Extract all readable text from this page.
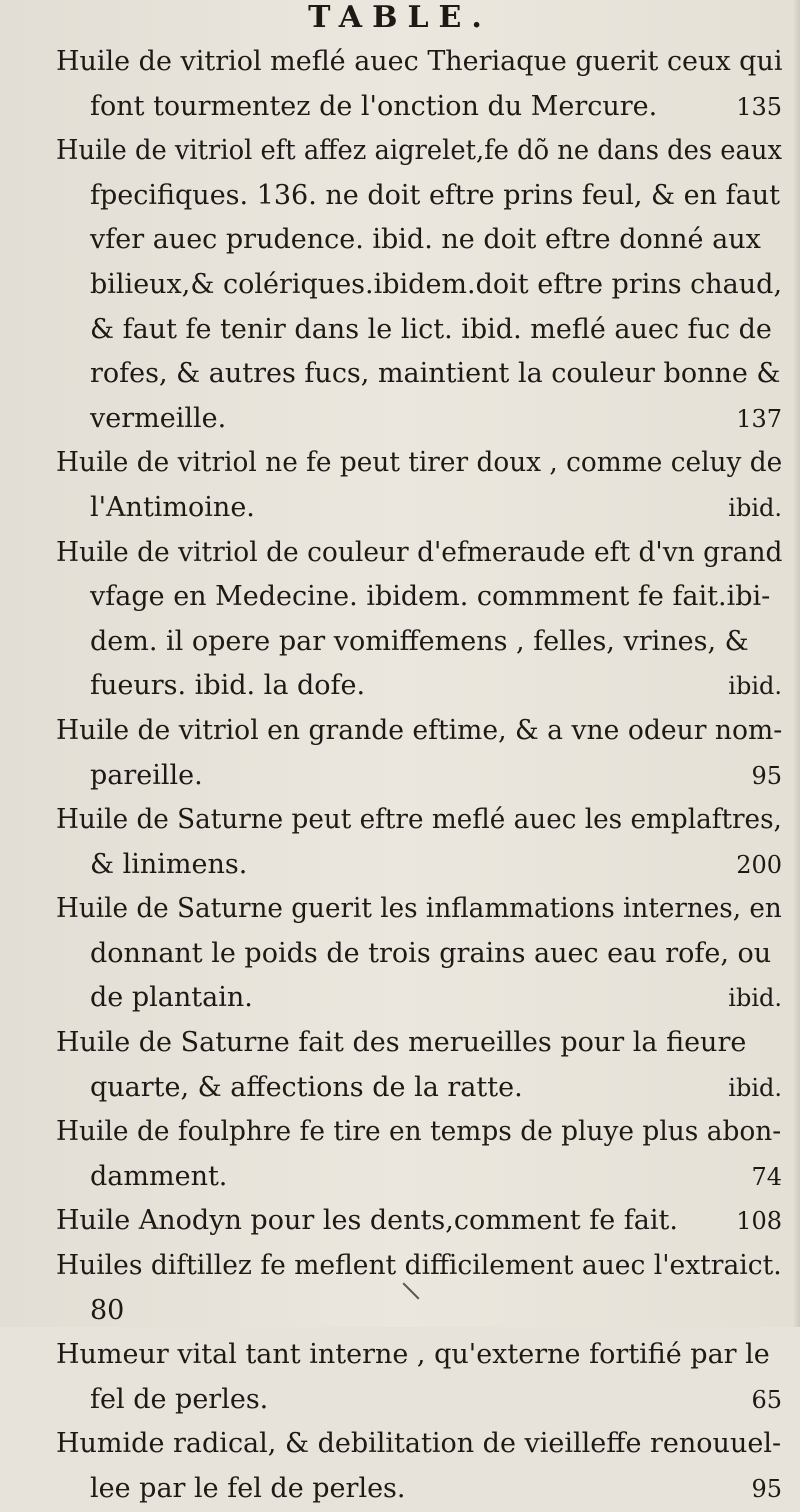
TABLE.
Huile de vitriol meflé auec Theriaque guerit ceux qui
font tourmentez de l'onction du Mercure.	135
Huile de vitriol eft affez aigrelet,fe dõ ne dans des eaux
fpecifiques. 136. ne doit eftre prins feul, & en faut
vfer auec prudence. ibid. ne doit eftre donné aux
bilieux,& colériques.ibidem.doit eftre prins chaud,
& faut fe tenir dans le lict. ibid. meflé auec fuc de
rofes, & autres fucs, maintient la couleur bonne &
vermeille.	137
Huile de vitriol ne fe peut tirer doux , comme celuy de
l'Antimoine.	ibid.
Huile de vitriol de couleur d'efmeraude eft d'vn grand
vfage en Medecine. ibidem. commment fe fait.ibi-
dem. il opere par vomiffemens , felles, vrines, &
fueurs. ibid. la dofe.	ibid.
Huile de vitriol en grande eftime, & a vne odeur nom-
pareille.	95
Huile de Saturne peut eftre meflé auec les emplaftres,
& linimens.	200
Huile de Saturne guerit les inflammations internes, en
donnant le poids de trois grains auec eau rofe, ou
de plantain.	ibid.
Huile de Saturne fait des merueilles pour la fieure
quarte, & affections de la ratte.	ibid.
Huile de foulphre fe tire en temps de pluye plus abon-
damment.	74
Huile Anodyn pour les dents,comment fe fait. 108
Huiles diftillez fe meflent difficilement auec l'extraict.
80
Humeur vital tant interne , qu'externe fortifié par le
fel de perles.	65
Humide radical, & debilitation de vieilleffe renouuel-
lee par le fel de perles.	95
